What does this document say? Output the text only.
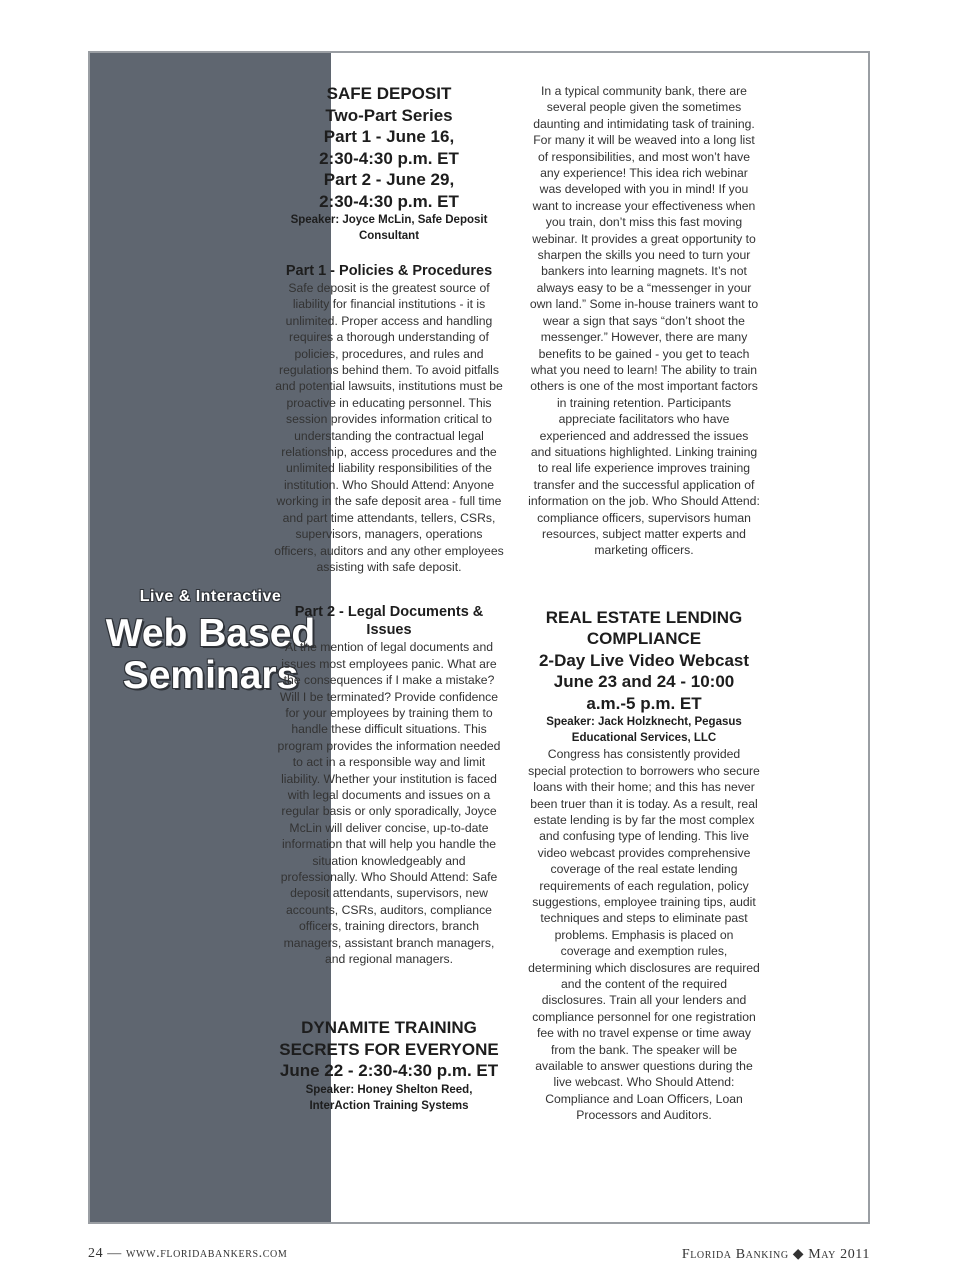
Live & Interactive
Web Based
Seminars
SAFE DEPOSIT
Two-Part Series
Part 1 - June 16,
2:30-4:30 p.m. ET
Part 2 - June 29,
2:30-4:30 p.m. ET
Speaker: Joyce McLin, Safe Deposit Consultant
Part 1 - Policies & Procedures

Safe deposit is the greatest source of liability for financial institutions - it is unlimited. Proper access and handling requires a thorough understanding of policies, procedures, and rules and regulations behind them. To avoid pitfalls and potential lawsuits, institutions must be proactive in educating personnel. This session provides information critical to understanding the contractual legal relationship, access procedures and the unlimited liability responsibilities of the institution. Who Should Attend: Anyone working in the safe deposit area - full time and part time attendants, tellers, CSRs, supervisors, managers, operations officers, auditors and any other employees assisting with safe deposit.

Part 2 - Legal Documents & Issues

At the mention of legal documents and issues most employees panic. What are the consequences if I make a mistake? Will I be terminated? Provide confidence for your employees by training them to handle these difficult situations. This program provides the information needed to act in a responsible way and limit liability. Whether your institution is faced with legal documents and issues on a regular basis or only sporadically, Joyce McLin will deliver concise, up-to-date information that will help you handle the situation knowledgeably and professionally. Who Should Attend: Safe deposit attendants, supervisors, new accounts, CSRs, auditors, compliance officers, training directors, branch managers, assistant branch managers, and regional managers.

DYNAMITE TRAINING
SECRETS FOR EVERYONE
June 22 - 2:30-4:30 p.m. ET
Speaker: Honey Shelton Reed, InterAction Training Systems

In a typical community bank, there are several people given the sometimes daunting and intimidating task of training. For many it will be weaved into a long list of responsibilities, and most won’t have any experience! This idea rich webinar was developed with you in mind! If you want to increase your effectiveness when you train, don’t miss this fast moving webinar. It provides a great opportunity to sharpen the skills you need to turn your bankers into learning magnets. It’s not always easy to be a “messenger in your own land.” Some in-house trainers want to wear a sign that says “don’t shoot the messenger.” However, there are many benefits to be gained - you get to teach what you need to learn! The ability to train others is one of the most important factors in training retention. Participants appreciate facilitators who have experienced and addressed the issues and situations highlighted. Linking training to real life experience improves training transfer and the successful application of information on the job. Who Should Attend: compliance officers, supervisors human resources, subject matter experts and marketing officers.

REAL ESTATE LENDING
COMPLIANCE
2-Day Live Video Webcast
June 23 and 24 - 10:00 a.m.-5 p.m. ET
Speaker: Jack Holzknecht, Pegasus Educational Services, LLC

Congress has consistently provided special protection to borrowers who secure loans with their home; and this has never been truer than it is today. As a result, real estate lending is by far the most complex and confusing type of lending. This live video webcast provides comprehensive coverage of the real estate lending requirements of each regulation, policy suggestions, employee training tips, audit techniques and steps to eliminate past problems. Emphasis is placed on coverage and exemption rules, determining which disclosures are required and the content of the required disclosures. Train all your lenders and compliance personnel for one registration fee with no travel expense or time away from the bank. The speaker will be available to answer questions during the live webcast. Who Should Attend: Compliance and Loan Officers, Loan Processors and Auditors.

24 — www.floridabankers.com	Florida Banking ◆ May 2011
